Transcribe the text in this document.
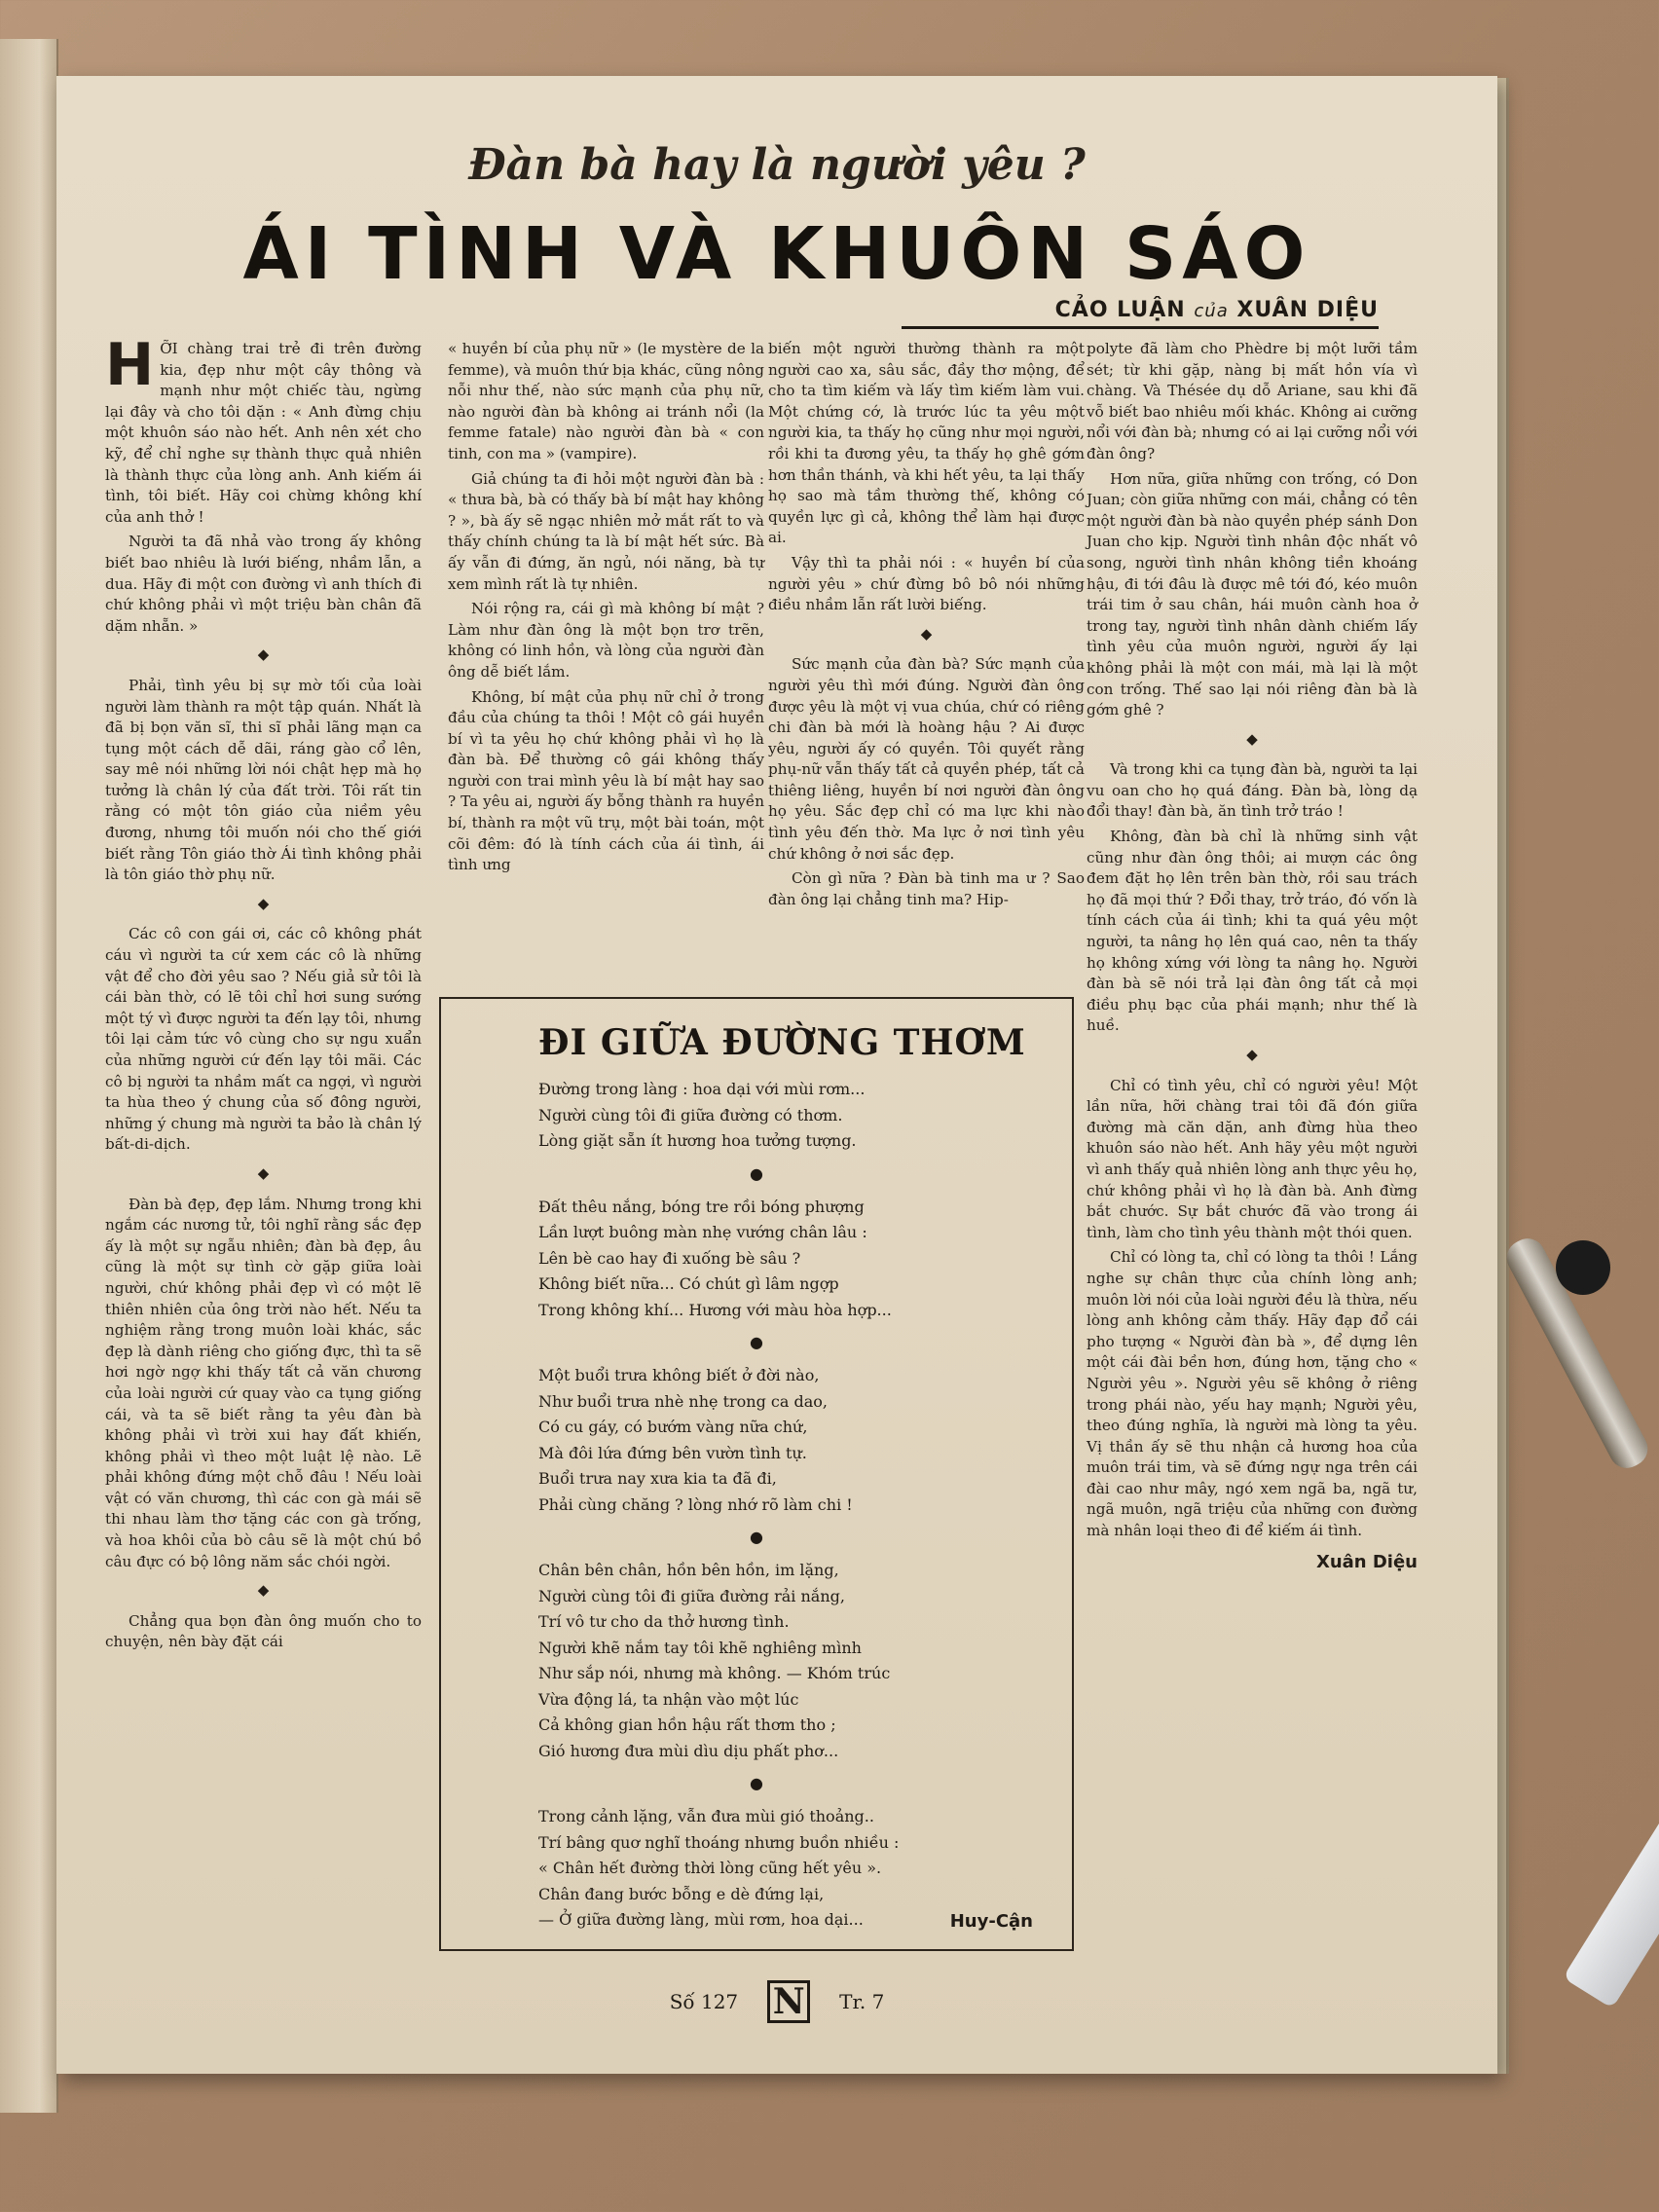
Đàn bà hay là người yêu ?
ÁI TÌNH VÀ KHUÔN SÁO
CẢO LUẬN của XUÂN DIỆU

HỠI chàng trai trẻ đi trên đường kia, đẹp như một cây thông và mạnh như một chiếc tàu, ngừng lại đây và cho tôi dặn : « Anh đừng chịu một khuôn sáo nào hết. Anh nên xét cho kỹ, để chỉ nghe sự thành thực quả nhiên là thành thực của lòng anh. Anh kiếm ái tình, tôi biết. Hãy coi chừng không khí của anh thở !

Người ta đã nhả vào trong ấy không biết bao nhiêu là lưới biếng, nhầm lẫn, a dua. Hãy đi một con đường vì anh thích đi chứ không phải vì một triệu bàn chân đã dặm nhẵn. »

◆

Phải, tình yêu bị sự mờ tối của loài người làm thành ra một tập quán. Nhất là đã bị bọn văn sĩ, thi sĩ phải lãng mạn ca tụng một cách dễ dãi, ráng gào cổ lên, say mê nói những lời nói chật hẹp mà họ tưởng là chân lý của đất trời. Tôi rất tin rằng có một tôn giáo của niềm yêu đương, nhưng tôi muốn nói cho thế giới biết rằng Tôn giáo thờ Ái tình không phải là tôn giáo thờ phụ nữ.

◆

Các cô con gái ơi, các cô không phát cáu vì người ta cứ xem các cô là những vật để cho đời yêu sao ? Nếu giả sử tôi là cái bàn thờ, có lẽ tôi chỉ hơi sung sướng một tý vì được người ta đến lạy tôi, nhưng tôi lại cảm tức vô cùng cho sự ngu xuẩn của những người cứ đến lạy tôi mãi. Các cô bị người ta nhầm mất ca ngợi, vì người ta hùa theo ý chung của số đông người, những ý chung mà người ta bảo là chân lý bất-di-dịch.

◆

Đàn bà đẹp, đẹp lắm. Nhưng trong khi ngắm các nương tử, tôi nghĩ rằng sắc đẹp ấy là một sự ngẫu nhiên; đàn bà đẹp, âu cũng là một sự tình cờ gặp giữa loài người, chứ không phải đẹp vì có một lẽ thiên nhiên của ông trời nào hết. Nếu ta nghiệm rằng trong muôn loài khác, sắc đẹp là dành riêng cho giống đực, thì ta sẽ hơi ngờ ngợ khi thấy tất cả văn chương của loài người cứ quay vào ca tụng giống cái, và ta sẽ biết rằng ta yêu đàn bà không phải vì trời xui hay đất khiến, không phải vì theo một luật lệ nào. Lẽ phải không đứng một chỗ đâu ! Nếu loài vật có văn chương, thì các con gà mái sẽ thi nhau làm thơ tặng các con gà trống, và hoa khôi của bò câu sẽ là một chú bồ câu đực có bộ lông năm sắc chói ngời.

◆

Chẳng qua bọn đàn ông muốn cho to chuyện, nên bày đặt cái

« huyền bí của phụ nữ » (le mystère de la femme), và muôn thứ bịa khác, cũng nông nỗi như thế, nào sức mạnh của phụ nữ, nào người đàn bà không ai tránh nổi (la femme fatale) nào người đàn bà « con tinh, con ma » (vampire).

Giả chúng ta đi hỏi một người đàn bà : « thưa bà, bà có thấy bà bí mật hay không ? », bà ấy sẽ ngạc nhiên mở mắt rất to và thấy chính chúng ta là bí mật hết sức. Bà ấy vẫn đi đứng, ăn ngủ, nói năng, bà tự xem mình rất là tự nhiên.

Nói rộng ra, cái gì mà không bí mật ? Làm như đàn ông là một bọn trơ trẽn, không có linh hồn, và lòng của người đàn ông dễ biết lắm.

Không, bí mật của phụ nữ chỉ ở trong đầu của chúng ta thôi ! Một cô gái huyền bí vì ta yêu họ chứ không phải vì họ là đàn bà. Để thường cô gái không thấy người con trai mình yêu là bí mật hay sao ? Ta yêu ai, người ấy bỗng thành ra huyền bí, thành ra một vũ trụ, một bài toán, một cõi đêm: đó là tính cách của ái tình, ái tình ưng

biến một người thường thành ra một người cao xa, sâu sắc, đầy thơ mộng, để cho ta tìm kiếm và lấy tìm kiếm làm vui. Một chứng cớ, là trước lúc ta yêu một người kia, ta thấy họ cũng như mọi người, rồi khi ta đương yêu, ta thấy họ ghê gớm hơn thần thánh, và khi hết yêu, ta lại thấy họ sao mà tầm thường thế, không có quyền lực gì cả, không thể làm hại được ai.

Vậy thì ta phải nói : « huyền bí của người yêu » chứ đừng bô bô nói những điều nhầm lẫn rất lười biếng.

◆

Sức mạnh của đàn bà? Sức mạnh của người yêu thì mới đúng. Người đàn ông được yêu là một vị vua chúa, chứ có riêng chi đàn bà mới là hoàng hậu ? Ai được yêu, người ấy có quyền. Tôi quyết rằng phụ-nữ vẫn thấy tất cả quyền phép, tất cả thiêng liêng, huyền bí nơi người đàn ông họ yêu. Sắc đẹp chỉ có ma lực khi nào tình yêu đến thờ. Ma lực ở nơi tình yêu chứ không ở nơi sắc đẹp.

Còn gì nữa ? Đàn bà tinh ma ư ? Sao đàn ông lại chẳng tinh ma? Hip-

polyte đã làm cho Phèdre bị một lưỡi tầm sét; từ khi gặp, nàng bị mất hồn vía vì chàng. Và Thésée dụ dỗ Ariane, sau khi đã vỗ biết bao nhiêu mối khác. Không ai cưỡng nổi với đàn bà; nhưng có ai lại cưỡng nổi với đàn ông?

Hơn nữa, giữa những con trống, có Don Juan; còn giữa những con mái, chẳng có tên một người đàn bà nào quyền phép sánh Don Juan cho kịp. Người tình nhân độc nhất vô song, người tình nhân không tiền khoáng hậu, đi tới đâu là được mê tới đó, kéo muôn trái tim ở sau chân, hái muôn cành hoa ở trong tay, người tình nhân dành chiếm lấy tình yêu của muôn người, người ấy lại không phải là một con mái, mà lại là một con trống. Thế sao lại nói riêng đàn bà là gớm ghê ?

◆

Và trong khi ca tụng đàn bà, người ta lại vu oan cho họ quá đáng. Đàn bà, lòng dạ đổi thay! đàn bà, ăn tình trở tráo !

Không, đàn bà chỉ là những sinh vật cũng như đàn ông thôi; ai mượn các ông đem đặt họ lên trên bàn thờ, rồi sau trách họ đã mọi thứ ? Đổi thay, trở tráo, đó vốn là tính cách của ái tình; khi ta quá yêu một người, ta nâng họ lên quá cao, nên ta thấy họ không xứng với lòng ta nâng họ. Người đàn bà sẽ nói trả lại đàn ông tất cả mọi điều phụ bạc của phái mạnh; như thế là huề.

◆

Chỉ có tình yêu, chỉ có người yêu! Một lần nữa, hỡi chàng trai tôi đã đón giữa đường mà căn dặn, anh đừng hùa theo khuôn sáo nào hết. Anh hãy yêu một người vì anh thấy quả nhiên lòng anh thực yêu họ, chứ không phải vì họ là đàn bà. Anh đừng bắt chước. Sự bắt chước đã vào trong ái tình, làm cho tình yêu thành một thói quen.

Chỉ có lòng ta, chỉ có lòng ta thôi ! Lắng nghe sự chân thực của chính lòng anh; muôn lời nói của loài người đều là thừa, nếu lòng anh không cảm thấy. Hãy đạp đổ cái pho tượng « Người đàn bà », để dựng lên một cái đài bền hơn, đúng hơn, tặng cho « Người yêu ». Người yêu sẽ không ở riêng trong phái nào, yếu hay mạnh; Người yêu, theo đúng nghĩa, là người mà lòng ta yêu. Vị thần ấy sẽ thu nhận cả hương hoa của muôn trái tim, và sẽ đứng ngự nga trên cái đài cao như mây, ngó xem ngã ba, ngã tư, ngã muôn, ngã triệu của những con đường mà nhân loại theo đi để kiếm ái tình.

Xuân Diệu
ĐI GIỮA ĐƯỜNG THƠM
Đường trong làng : hoa dại với mùi rơm...
Người cùng tôi đi giữa đường có thơm.
Lòng giặt sẵn ít hương hoa tưởng tượng.
●
Đất thêu nắng, bóng tre rồi bóng phượng
Lần lượt buông màn nhẹ vướng chân lâu :
Lên bè cao hay đi xuống bè sâu ?
Không biết nữa... Có chút gì lâm ngợp
Trong không khí... Hương với màu hòa hợp...
●
Một buổi trưa không biết ở đời nào,
Như buổi trưa nhè nhẹ trong ca dao,
Có cu gáy, có bướm vàng nữa chứ,
Mà đôi lứa đứng bên vườn tình tự.
Buổi trưa nay xưa kia ta đã đi,
Phải cùng chăng ? lòng nhớ rõ làm chi !
●
Chân bên chân, hồn bên hồn, im lặng,
Người cùng tôi đi giữa đường rải nắng,
Trí vô tư cho da thở hương tình.
Người khẽ nắm tay tôi khẽ nghiêng mình
Như sắp nói, nhưng mà không. — Khóm trúc
Vừa động lá, ta nhận vào một lúc
Cả không gian hồn hậu rất thơm tho ;
Gió hương đưa mùi dìu dịu phất phơ...
●
Trong cảnh lặng, vẫn đưa mùi gió thoảng..
Trí bâng quơ nghĩ thoáng nhưng buồn nhiều :
« Chân hết đường thời lòng cũng hết yêu ».
Chân đang bước bỗng e dè đứng lại,
— Ở giữa đường làng, mùi rơm, hoa dại...	Huy-Cận
Số 127 N Tr. 7
